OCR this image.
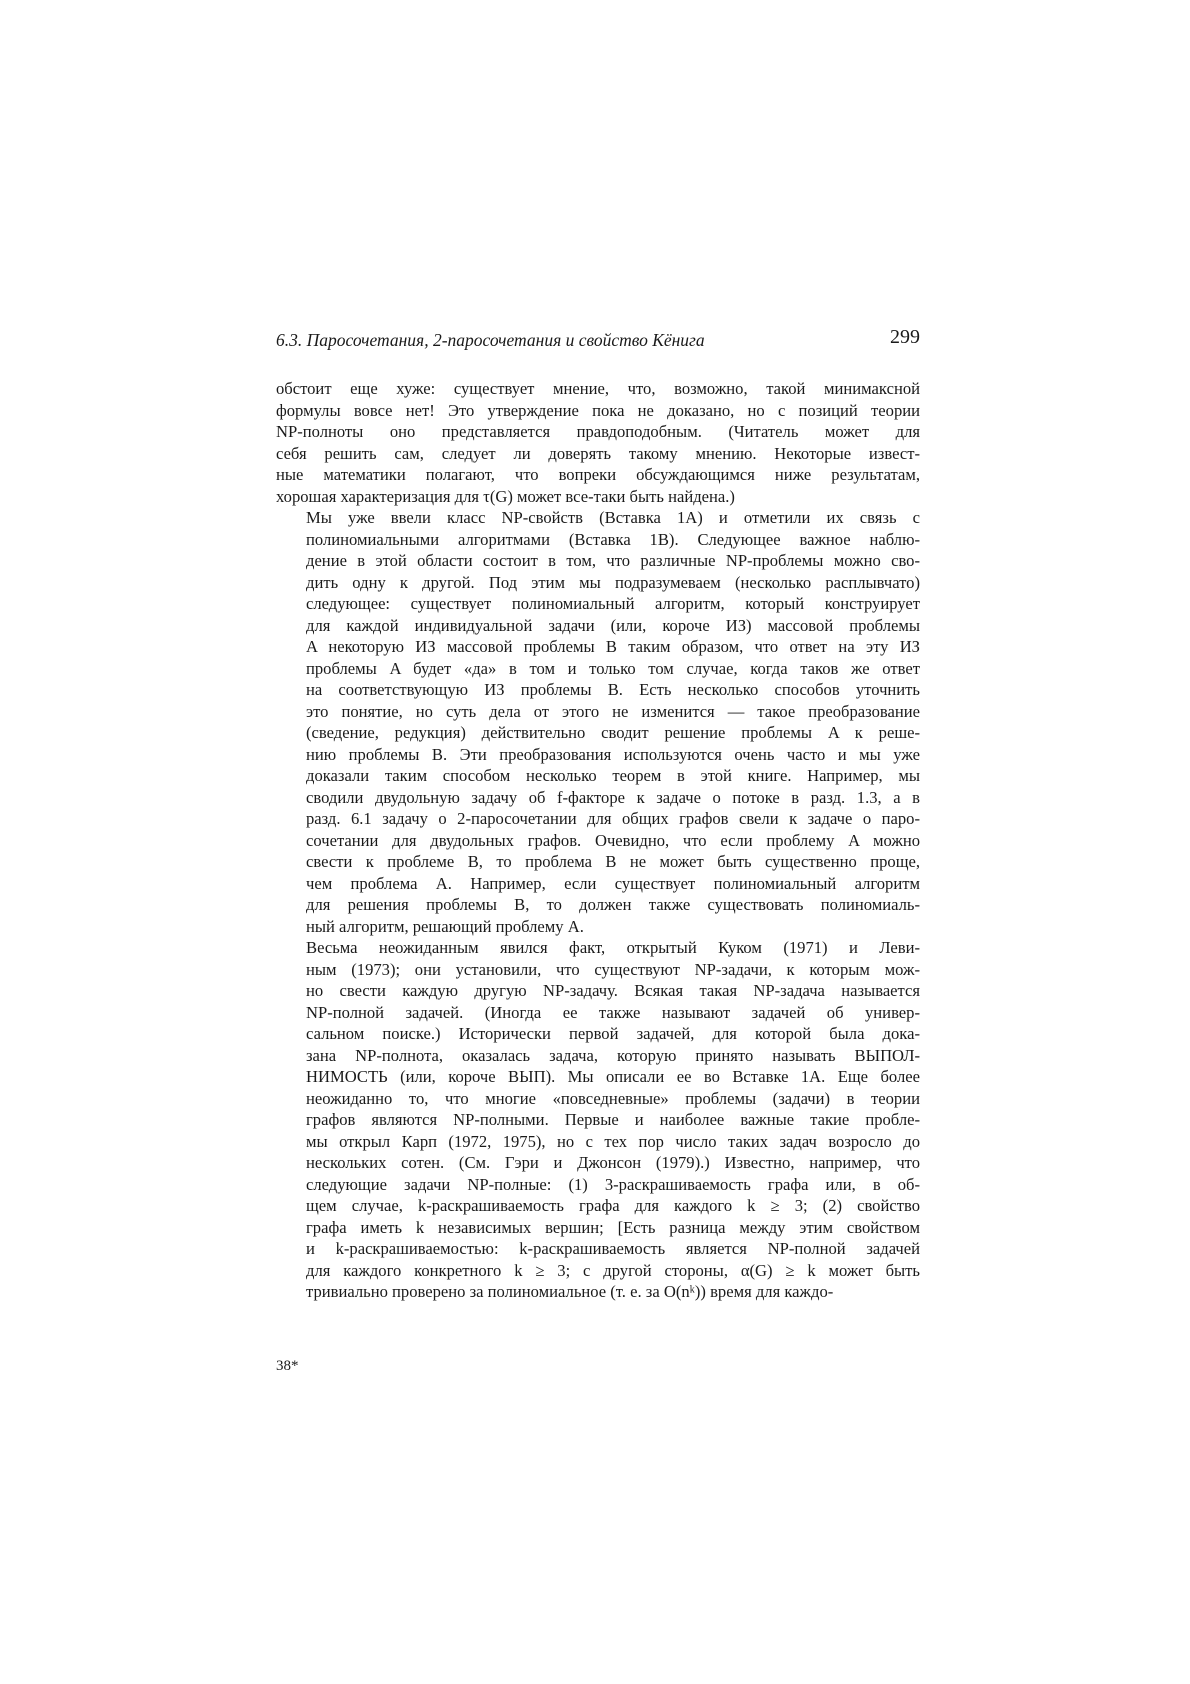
6.3. Паросочетания, 2-паросочетания и свойство Кёнига	299

обстоит еще хуже: существует мнение, что, возможно, такой минимаксной
формулы вовсе нет! Это утверждение пока не доказано, но с позиций теории
NP-полноты оно представляется правдоподобным. (Читатель может для
себя решить сам, следует ли доверять такому мнению. Некоторые извест-
ные математики полагают, что вопреки обсуждающимся ниже результатам,
хорошая характеризация для τ(G) может все-таки быть найдена.)

Мы уже ввели класс NP-свойств (Вставка 1A) и отметили их связь с
полиномиальными алгоритмами (Вставка 1B). Следующее важное наблю-
дение в этой области состоит в том, что различные NP-проблемы можно сво-
дить одну к другой. Под этим мы подразумеваем (несколько расплывчато)
следующее: существует полиномиальный алгоритм, который конструирует
для каждой индивидуальной задачи (или, короче ИЗ) массовой проблемы
A некоторую ИЗ массовой проблемы B таким образом, что ответ на эту ИЗ
проблемы A будет «да» в том и только том случае, когда таков же ответ
на соответствующую ИЗ проблемы B. Есть несколько способов уточнить
это понятие, но суть дела от этого не изменится — такое преобразование
(сведение, редукция) действительно сводит решение проблемы A к реше-
нию проблемы B. Эти преобразования используются очень часто и мы уже
доказали таким способом несколько теорем в этой книге. Например, мы
сводили двудольную задачу об f-факторе к задаче о потоке в разд. 1.3, а в
разд. 6.1 задачу о 2-паросочетании для общих графов свели к задаче о паро-
сочетании для двудольных графов. Очевидно, что если проблему A можно
свести к проблеме B, то проблема B не может быть существенно проще,
чем проблема A. Например, если существует полиномиальный алгоритм
для решения проблемы B, то должен также существовать полиномиаль-
ный алгоритм, решающий проблему A.

Весьма неожиданным явился факт, открытый Куком (1971) и Леви-
ным (1973); они установили, что существуют NP-задачи, к которым мож-
но свести каждую другую NP-задачу. Всякая такая NP-задача называется
NP-полной задачей. (Иногда ее также называют задачей об универ-
сальном поиске.) Исторически первой задачей, для которой была дока-
зана NP-полнота, оказалась задача, которую принято называть ВЫПОЛ-
НИМОСТЬ (или, короче ВЫП). Мы описали ее во Вставке 1A. Еще более
неожиданно то, что многие «повседневные» проблемы (задачи) в теории
графов являются NP-полными. Первые и наиболее важные такие пробле-
мы открыл Карп (1972, 1975), но с тех пор число таких задач возросло до
нескольких сотен. (См. Гэри и Джонсон (1979).) Известно, например, что
следующие задачи NP-полные: (1) 3-раскрашиваемость графа или, в об-
щем случае, k-раскрашиваемость графа для каждого k ≥ 3; (2) свойство
графа иметь k независимых вершин; [Есть разница между этим свойством
и k-раскрашиваемостью: k-раскрашиваемость является NP-полной задачей
для каждого конкретного k ≥ 3; с другой стороны, α(G) ≥ k может быть
тривиально проверено за полиномиальное (т. е. за O(nᵏ)) время для каждо-

38*
